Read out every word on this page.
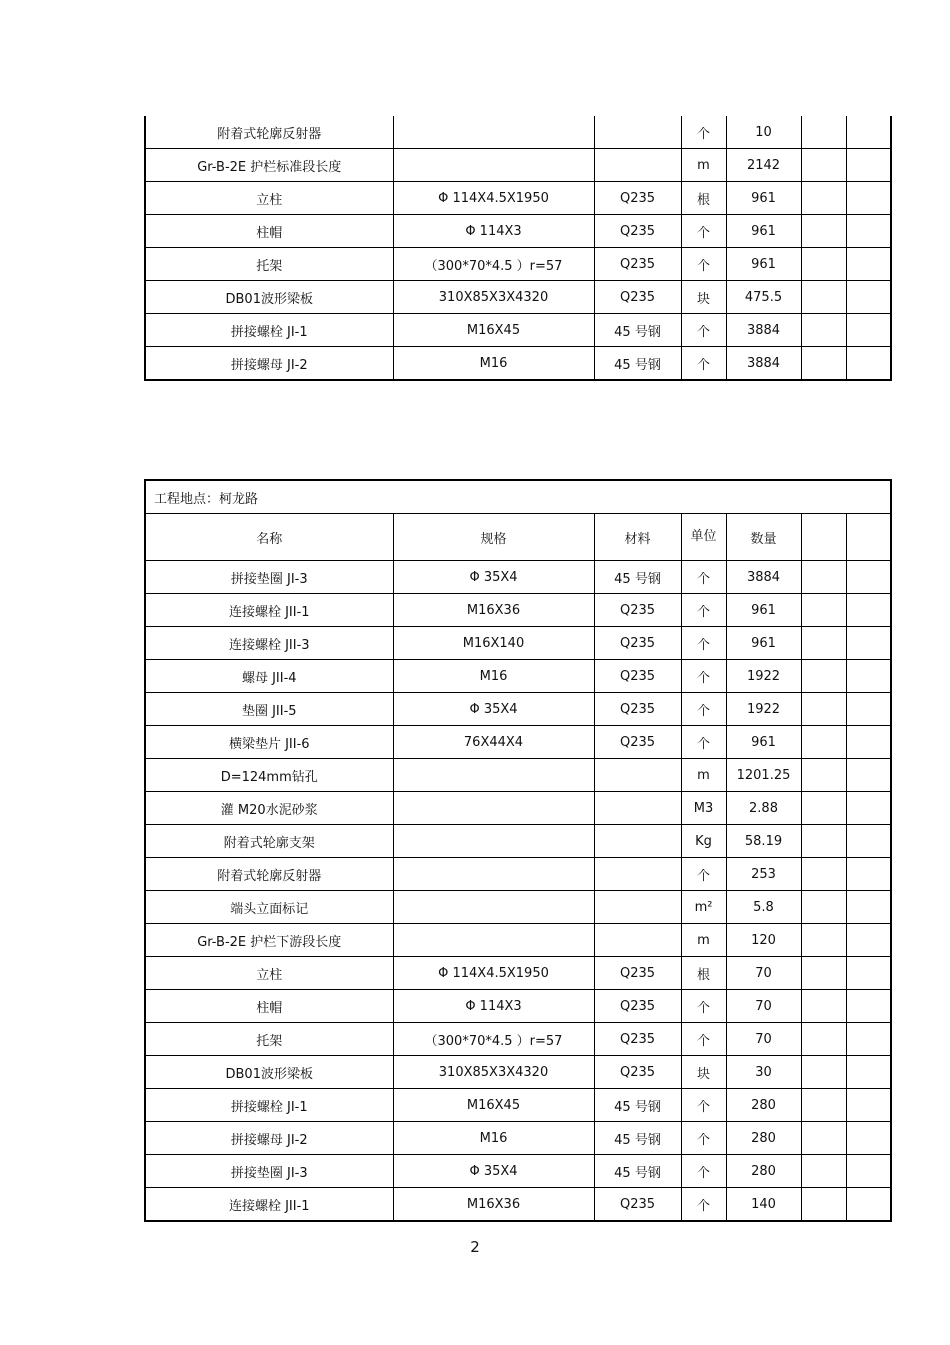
附着式轮廓反射器			个	10		
Gr-B-2E 护栏标准段长度			m	2142		
立柱	Φ 114X4.5X1950	Q235	根	961		
柱帽	Φ 114X3	Q235	个	961		
托架	（300*70*4.5 ）r=57	Q235	个	961		
DB01波形梁板	310X85X3X4320	Q235	块	475.5		
拼接螺栓 JI-1	M16X45	45 号钢	个	3884		
拼接螺母 JI-2	M16	45 号钢	个	3884		
工程地点：柯龙路						
名称	规格	材料	单位	数量		
拼接垫圈 JI-3	Φ 35X4	45 号钢	个	3884		
连接螺栓 JII-1	M16X36	Q235	个	961		
连接螺栓 JII-3	M16X140	Q235	个	961		
螺母 JII-4	M16	Q235	个	1922		
垫圈 JII-5	Φ 35X4	Q235	个	1922		
横梁垫片 JII-6	76X44X4	Q235	个	961		
D=124mm钻孔			m	1201.25		
灌 M20水泥砂浆			M3	2.88		
附着式轮廓支架			Kg	58.19		
附着式轮廓反射器			个	253		
端头立面标记			m²	5.8		
Gr-B-2E 护栏下游段长度			m	120		
立柱	Φ 114X4.5X1950	Q235	根	70		
柱帽	Φ 114X3	Q235	个	70		
托架	（300*70*4.5 ）r=57	Q235	个	70		
DB01波形梁板	310X85X3X4320	Q235	块	30		
拼接螺栓 JI-1	M16X45	45 号钢	个	280		
拼接螺母 JI-2	M16	45 号钢	个	280		
拼接垫圈 JI-3	Φ 35X4	45 号钢	个	280		
连接螺栓 JII-1	M16X36	Q235	个	140		
2
